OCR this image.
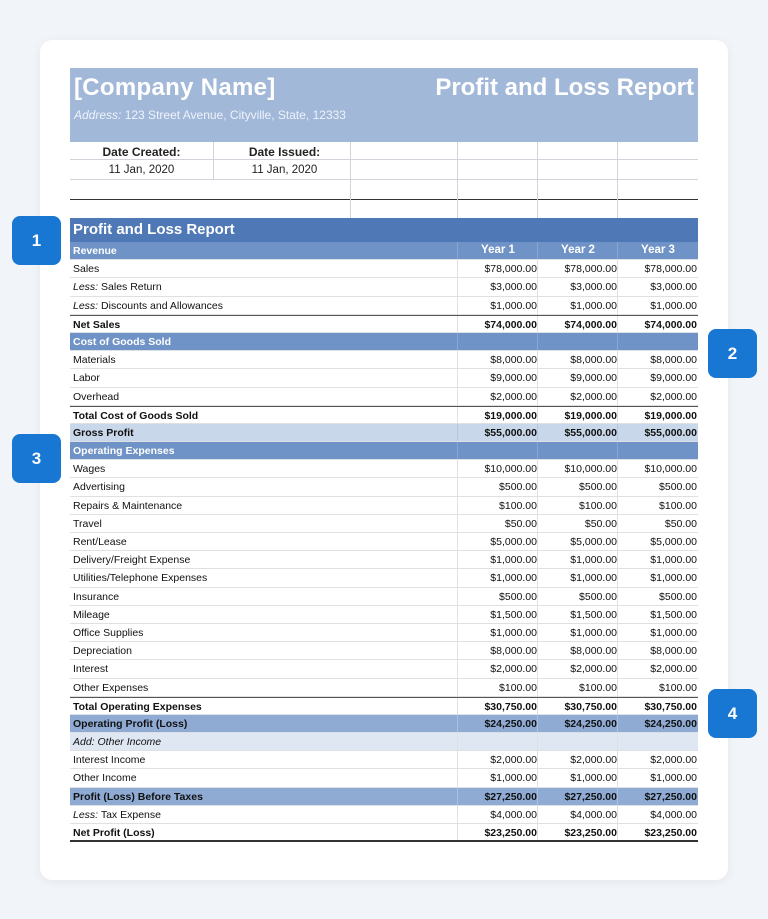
[Company Name]
Address: 123 Street Avenue, Cityville, State, 12333
Profit and Loss Report
Date Created:
11 Jan, 2020
Date Issued:
11 Jan, 2020
Profit and Loss Report
Revenue	Year 1	Year 2	Year 3
Sales	$78,000.00	$78,000.00	$78,000.00
Less: Sales Return	$3,000.00	$3,000.00	$3,000.00
Less: Discounts and Allowances	$1,000.00	$1,000.00	$1,000.00
Net Sales	$74,000.00	$74,000.00	$74,000.00
Cost of Goods Sold
Materials	$8,000.00	$8,000.00	$8,000.00
Labor	$9,000.00	$9,000.00	$9,000.00
Overhead	$2,000.00	$2,000.00	$2,000.00
Total Cost of Goods Sold	$19,000.00	$19,000.00	$19,000.00
Gross Profit	$55,000.00	$55,000.00	$55,000.00
Operating Expenses
Wages	$10,000.00	$10,000.00	$10,000.00
Advertising	$500.00	$500.00	$500.00
Repairs & Maintenance	$100.00	$100.00	$100.00
Travel	$50.00	$50.00	$50.00
Rent/Lease	$5,000.00	$5,000.00	$5,000.00
Delivery/Freight Expense	$1,000.00	$1,000.00	$1,000.00
Utilities/Telephone Expenses	$1,000.00	$1,000.00	$1,000.00
Insurance	$500.00	$500.00	$500.00
Mileage	$1,500.00	$1,500.00	$1,500.00
Office Supplies	$1,000.00	$1,000.00	$1,000.00
Depreciation	$8,000.00	$8,000.00	$8,000.00
Interest	$2,000.00	$2,000.00	$2,000.00
Other Expenses	$100.00	$100.00	$100.00
Total Operating Expenses	$30,750.00	$30,750.00	$30,750.00
Operating Profit (Loss)	$24,250.00	$24,250.00	$24,250.00
Add: Other Income
Interest Income	$2,000.00	$2,000.00	$2,000.00
Other Income	$1,000.00	$1,000.00	$1,000.00
Profit (Loss) Before Taxes	$27,250.00	$27,250.00	$27,250.00
Less: Tax Expense	$4,000.00	$4,000.00	$4,000.00
Net Profit (Loss)	$23,250.00	$23,250.00	$23,250.00
1
2
3
4
